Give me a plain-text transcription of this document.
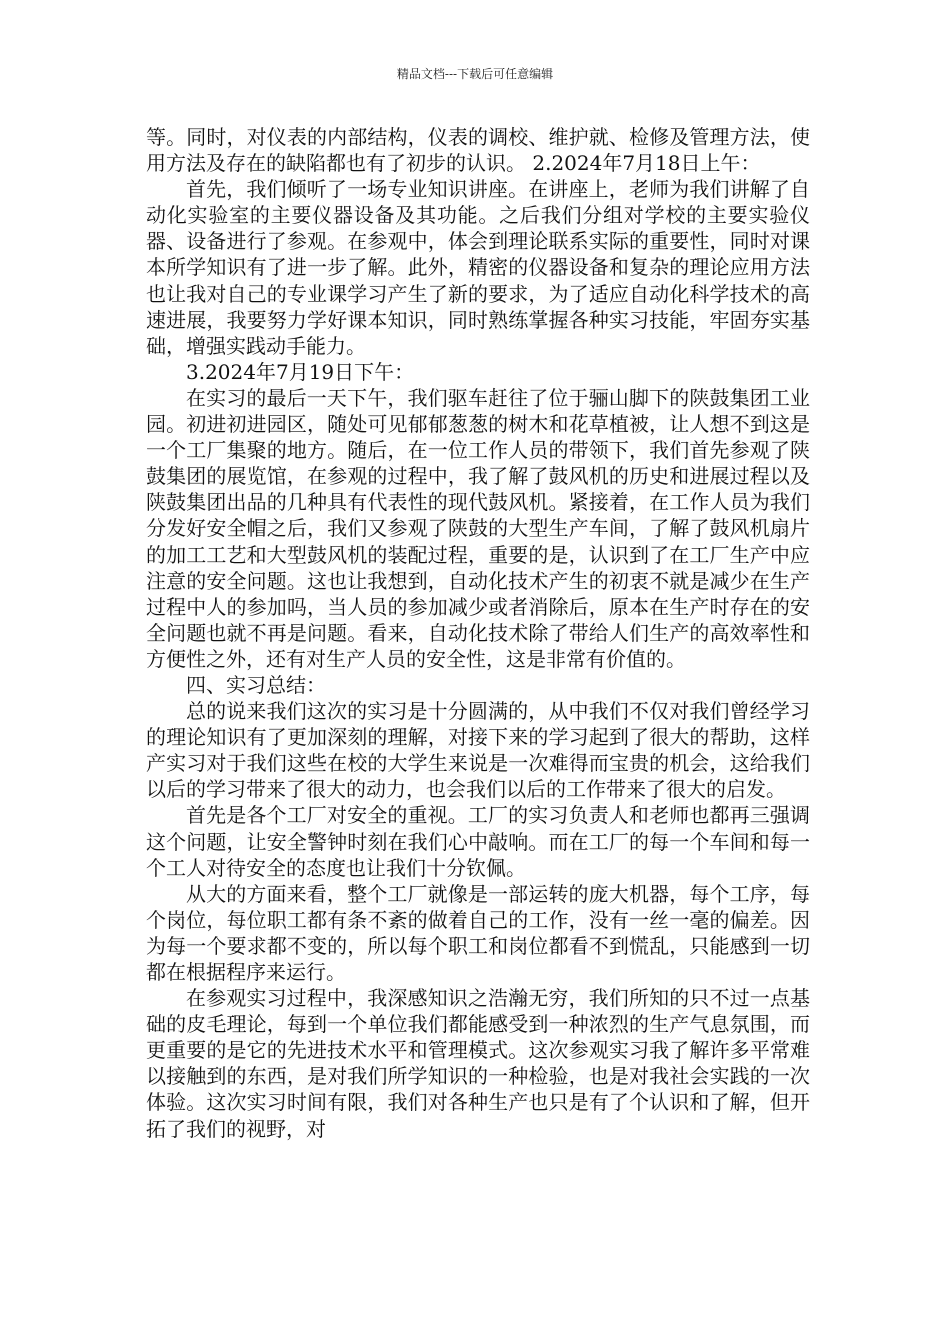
精品文档---下载后可任意编辑

等。同时，对仪表的内部结构，仪表的调校、维护就、检修及管理方法，使用方法及存在的缺陷都也有了初步的认识。 2.2024年7月18日上午：

首先，我们倾听了一场专业知识讲座。在讲座上，老师为我们讲解了自动化实验室的主要仪器设备及其功能。之后我们分组对学校的主要实验仪器、设备进行了参观。在参观中，体会到理论联系实际的重要性，同时对课本所学知识有了进一步了解。此外，精密的仪器设备和复杂的理论应用方法也让我对自己的专业课学习产生了新的要求，为了适应自动化科学技术的高速进展，我要努力学好课本知识，同时熟练掌握各种实习技能，牢固夯实基础，增强实践动手能力。

3.2024年7月19日下午：

在实习的最后一天下午，我们驱车赶往了位于骊山脚下的陕鼓集团工业园。初进初进园区，随处可见郁郁葱葱的树木和花草植被，让人想不到这是一个工厂集聚的地方。随后，在一位工作人员的带领下，我们首先参观了陕鼓集团的展览馆，在参观的过程中，我了解了鼓风机的历史和进展过程以及陕鼓集团出品的几种具有代表性的现代鼓风机。紧接着，在工作人员为我们分发好安全帽之后，我们又参观了陕鼓的大型生产车间，了解了鼓风机扇片的加工工艺和大型鼓风机的装配过程，重要的是，认识到了在工厂生产中应注意的安全问题。这也让我想到，自动化技术产生的初衷不就是减少在生产过程中人的参加吗，当人员的参加减少或者消除后，原本在生产时存在的安全问题也就不再是问题。看来，自动化技术除了带给人们生产的高效率性和方便性之外，还有对生产人员的安全性，这是非常有价值的。

四、实习总结：

总的说来我们这次的实习是十分圆满的，从中我们不仅对我们曾经学习的理论知识有了更加深刻的理解，对接下来的学习起到了很大的帮助，这样产实习对于我们这些在校的大学生来说是一次难得而宝贵的机会，这给我们以后的学习带来了很大的动力，也会我们以后的工作带来了很大的启发。

首先是各个工厂对安全的重视。工厂的实习负责人和老师也都再三强调这个问题，让安全警钟时刻在我们心中敲响。而在工厂的每一个车间和每一个工人对待安全的态度也让我们十分钦佩。

从大的方面来看，整个工厂就像是一部运转的庞大机器，每个工序，每个岗位，每位职工都有条不紊的做着自己的工作，没有一丝一毫的偏差。因为每一个要求都不变的，所以每个职工和岗位都看不到慌乱，只能感到一切都在根据程序来运行。

在参观实习过程中，我深感知识之浩瀚无穷，我们所知的只不过一点基础的皮毛理论，每到一个单位我们都能感受到一种浓烈的生产气息氛围，而更重要的是它的先进技术水平和管理模式。这次参观实习我了解许多平常难以接触到的东西，是对我们所学知识的一种检验，也是对我社会实践的一次体验。这次实习时间有限，我们对各种生产也只是有了个认识和了解，但开拓了我们的视野，对
